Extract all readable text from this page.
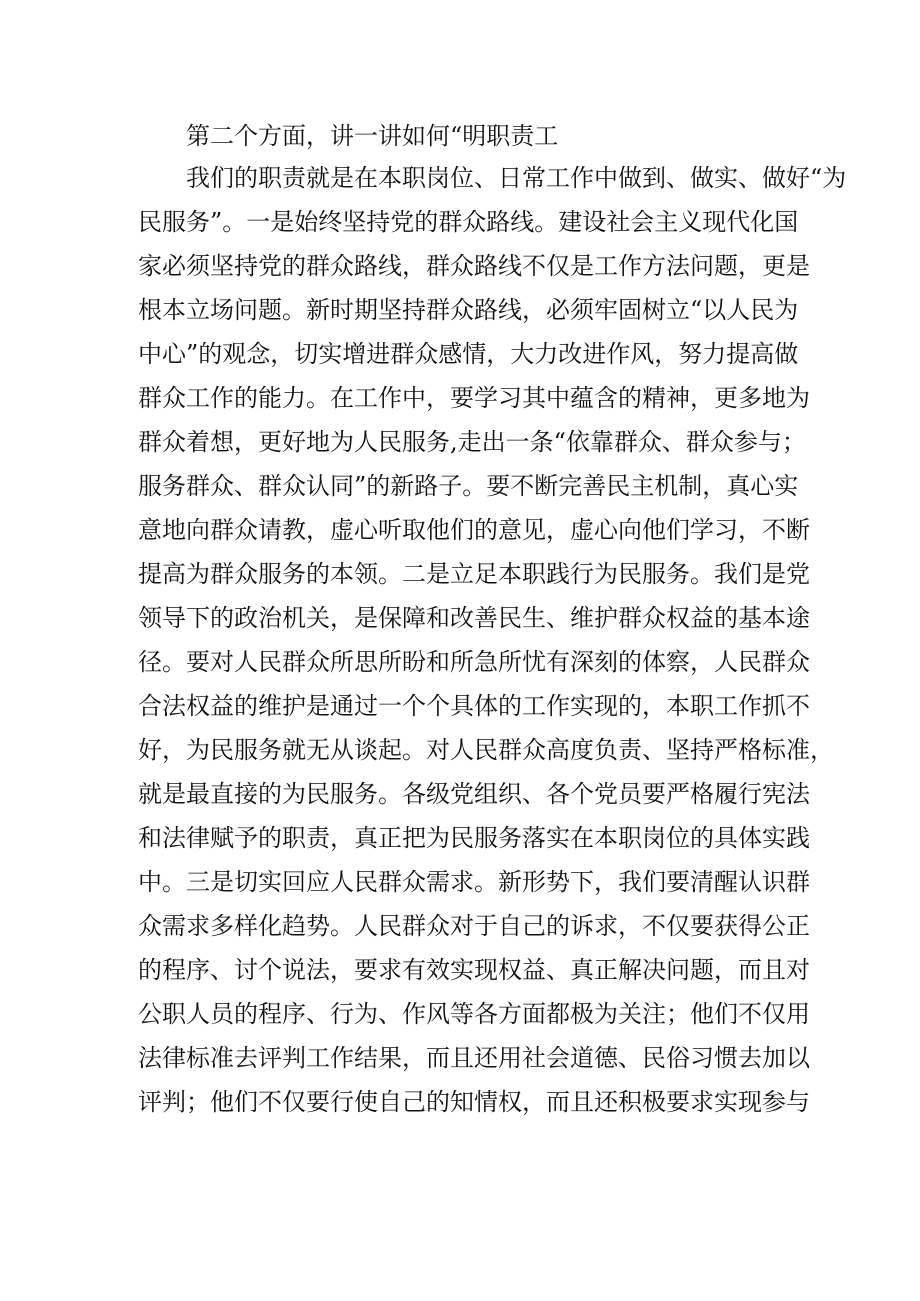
第二个方面，讲一讲如何“明职责工
我们的职责就是在本职岗位、日常工作中做到、做实、做好“为
民服务”。一是始终坚持党的群众路线。建设社会主义现代化国
家必须坚持党的群众路线，群众路线不仅是工作方法问题，更是
根本立场问题。新时期坚持群众路线，必须牢固树立“以人民为
中心”的观念，切实增进群众感情，大力改进作风，努力提高做
群众工作的能力。在工作中，要学习其中蕴含的精神，更多地为
群众着想，更好地为人民服务,走出一条“依靠群众、群众参与；
服务群众、群众认同”的新路子。要不断完善民主机制，真心实
意地向群众请教，虚心听取他们的意见，虚心向他们学习，不断
提高为群众服务的本领。二是立足本职践行为民服务。我们是党
领导下的政治机关，是保障和改善民生、维护群众权益的基本途
径。要对人民群众所思所盼和所急所忧有深刻的体察，人民群众
合法权益的维护是通过一个个具体的工作实现的，本职工作抓不
好，为民服务就无从谈起。对人民群众高度负责、坚持严格标准，
就是最直接的为民服务。各级党组织、各个党员要严格履行宪法
和法律赋予的职责，真正把为民服务落实在本职岗位的具体实践
中。三是切实回应人民群众需求。新形势下，我们要清醒认识群
众需求多样化趋势。人民群众对于自己的诉求，不仅要获得公正
的程序、讨个说法，要求有效实现权益、真正解决问题，而且对
公职人员的程序、行为、作风等各方面都极为关注；他们不仅用
法律标准去评判工作结果，而且还用社会道德、民俗习惯去加以
评判；他们不仅要行使自己的知情权，而且还积极要求实现参与
